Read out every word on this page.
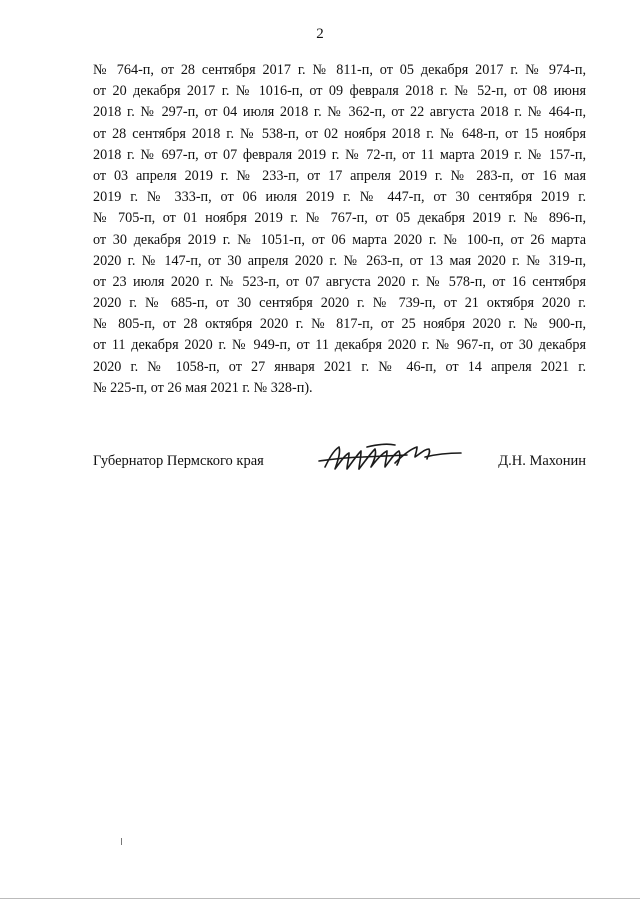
2
№ 764-п, от 28 сентября 2017 г. № 811-п, от 05 декабря 2017 г. № 974-п,
от 20 декабря 2017 г. № 1016-п, от 09 февраля 2018 г. № 52-п, от 08 июня
2018 г. № 297-п, от 04 июля 2018 г. № 362-п, от 22 августа 2018 г. № 464-п,
от 28 сентября 2018 г. № 538-п, от 02 ноября 2018 г. № 648-п, от 15 ноября
2018 г. № 697-п, от 07 февраля 2019 г. № 72-п, от 11 марта 2019 г. № 157-п,
от 03 апреля 2019 г. № 233-п, от 17 апреля 2019 г. № 283-п, от 16 мая
2019 г. № 333-п, от 06 июля 2019 г. № 447-п, от 30 сентября 2019 г.
№ 705-п, от 01 ноября 2019 г. № 767-п, от 05 декабря 2019 г. № 896-п,
от 30 декабря 2019 г. № 1051-п, от 06 марта 2020 г. № 100-п, от 26 марта
2020 г. № 147-п, от 30 апреля 2020 г. № 263-п, от 13 мая 2020 г. № 319-п,
от 23 июля 2020 г. № 523-п, от 07 августа 2020 г. № 578-п, от 16 сентября
2020 г. № 685-п, от 30 сентября 2020 г. № 739-п, от 21 октября 2020 г.
№ 805-п, от 28 октября 2020 г. № 817-п, от 25 ноября 2020 г. № 900-п,
от 11 декабря 2020 г. № 949-п, от 11 декабря 2020 г. № 967-п, от 30 декабря
2020 г. № 1058-п, от 27 января 2021 г. № 46-п, от 14 апреля 2021 г.
№ 225-п, от 26 мая 2021 г. № 328-п).
Губернатор Пермского края	Д.Н. Махонин
